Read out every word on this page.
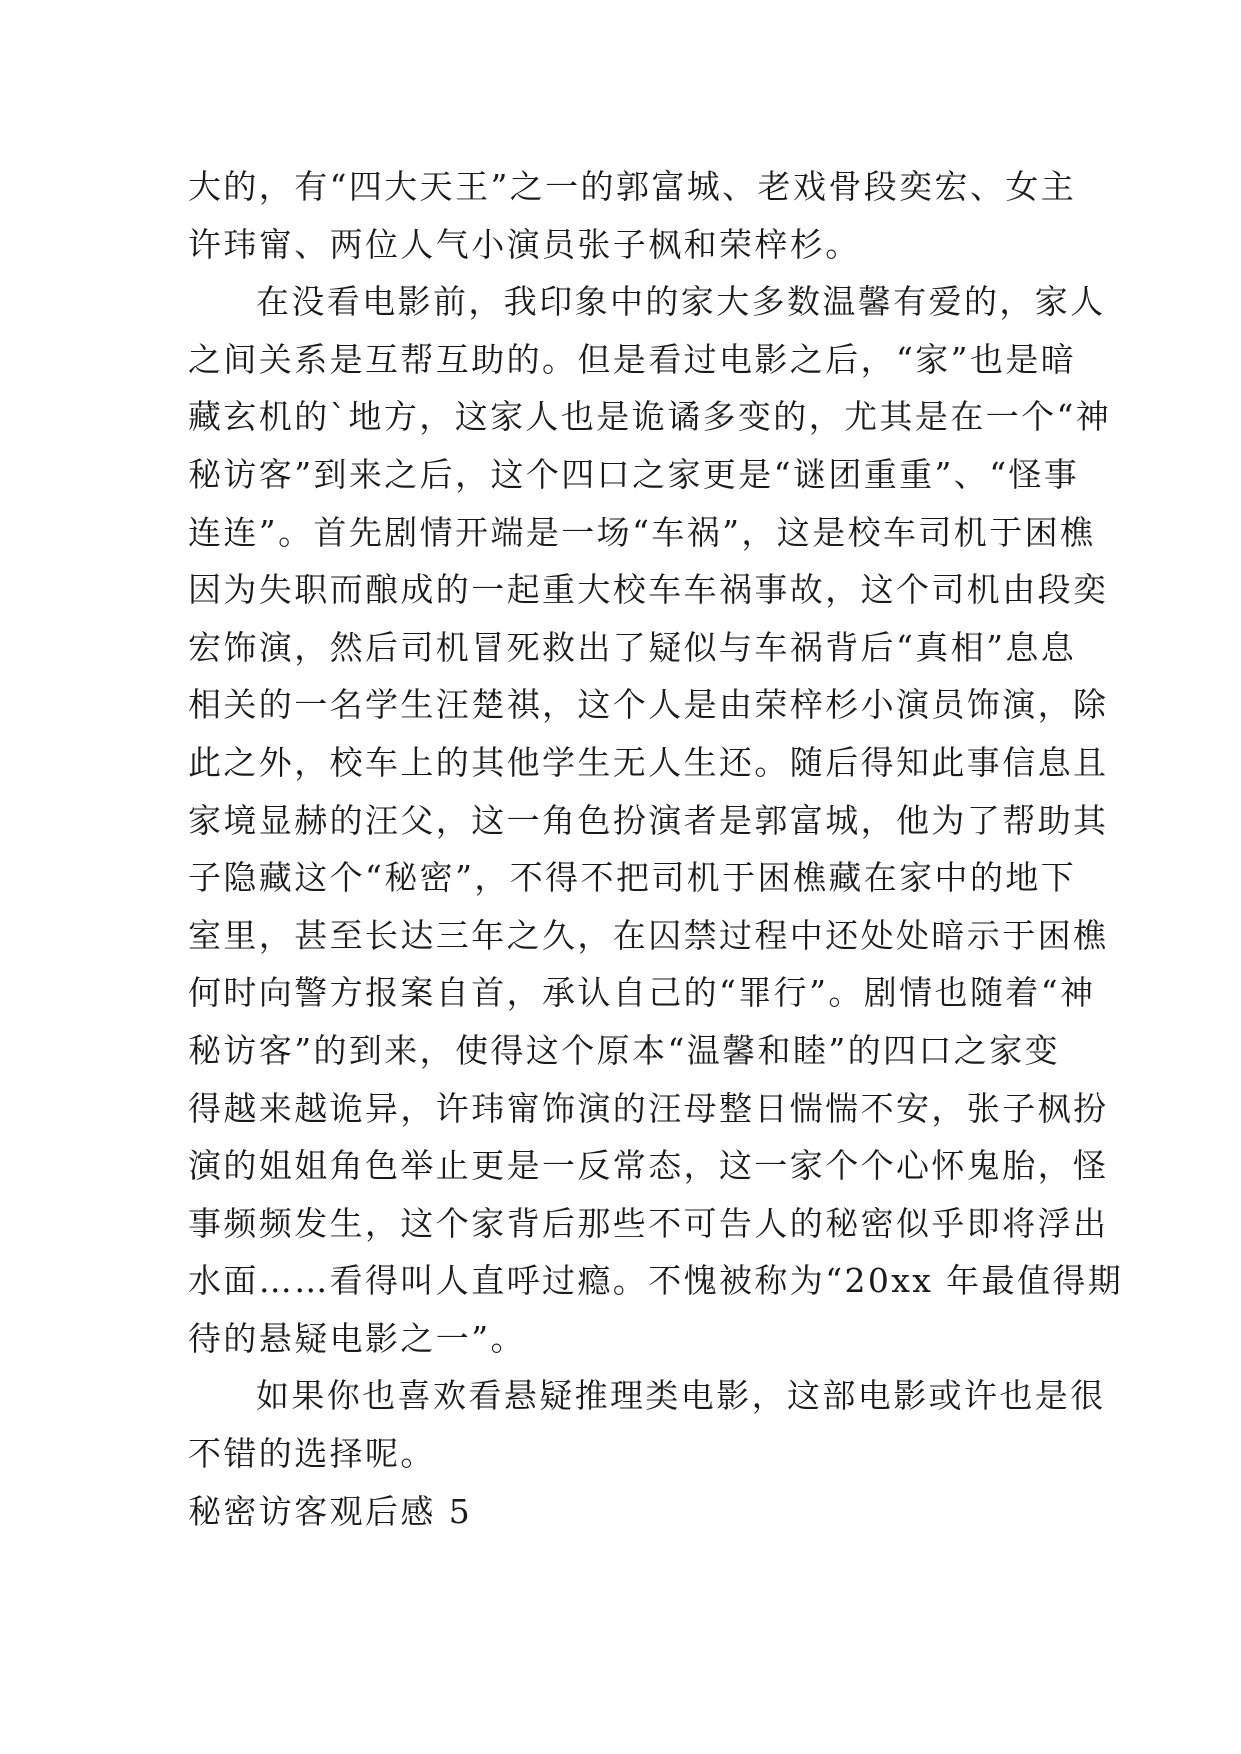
大的，有“四大天王”之一的郭富城、老戏骨段奕宏、女主
许玮甯、两位人气小演员张子枫和荣梓杉。
在没看电影前，我印象中的家大多数温馨有爱的，家人
之间关系是互帮互助的。但是看过电影之后，“家”也是暗
藏玄机的`地方，这家人也是诡谲多变的，尤其是在一个“神
秘访客”到来之后，这个四口之家更是“谜团重重”、“怪事
连连”。首先剧情开端是一场“车祸”，这是校车司机于困樵
因为失职而酿成的一起重大校车车祸事故，这个司机由段奕
宏饰演，然后司机冒死救出了疑似与车祸背后“真相”息息
相关的一名学生汪楚祺，这个人是由荣梓杉小演员饰演，除
此之外，校车上的其他学生无人生还。随后得知此事信息且
家境显赫的汪父，这一角色扮演者是郭富城，他为了帮助其
子隐藏这个“秘密”，不得不把司机于困樵藏在家中的地下
室里，甚至长达三年之久，在囚禁过程中还处处暗示于困樵
何时向警方报案自首，承认自己的“罪行”。剧情也随着“神
秘访客”的到来，使得这个原本“温馨和睦”的四口之家变
得越来越诡异，许玮甯饰演的汪母整日惴惴不安，张子枫扮
演的姐姐角色举止更是一反常态，这一家个个心怀鬼胎，怪
事频频发生，这个家背后那些不可告人的秘密似乎即将浮出
水面……看得叫人直呼过瘾。不愧被称为“20xx 年最值得期
待的悬疑电影之一”。
如果你也喜欢看悬疑推理类电影，这部电影或许也是很
不错的选择呢。
秘密访客观后感 5
